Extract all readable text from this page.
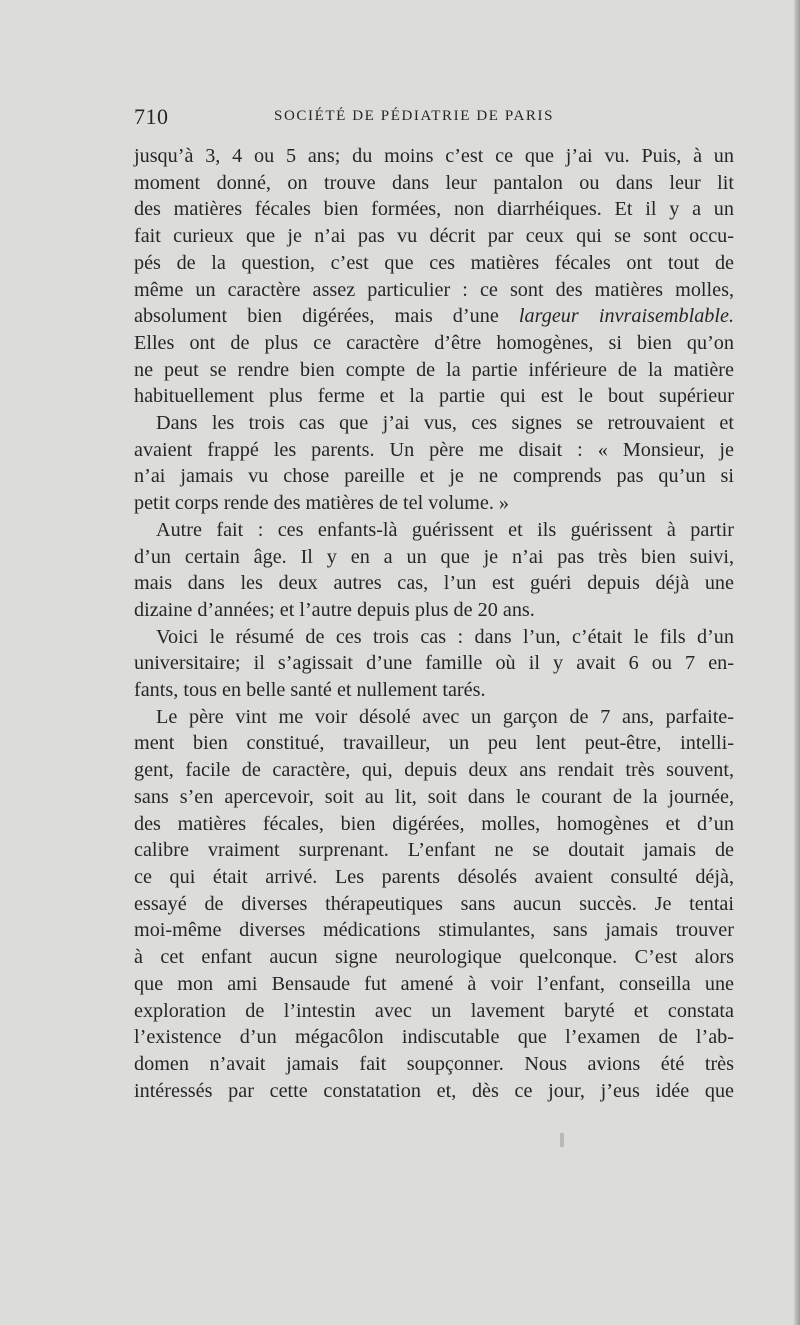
710	SOCIÉTÉ DE PÉDIATRIE DE PARIS
jusqu’à 3, 4 ou 5 ans; du moins c’est ce que j’ai vu. Puis, à un
moment donné, on trouve dans leur pantalon ou dans leur lit
des matières fécales bien formées, non diarrhéiques. Et il y a un
fait curieux que je n’ai pas vu décrit par ceux qui se sont occu-
pés de la question, c’est que ces matières fécales ont tout de
même un caractère assez particulier : ce sont des matières molles,
absolument bien digérées, mais d’une largeur invraisemblable.
Elles ont de plus ce caractère d’être homogènes, si bien qu’on
ne peut se rendre bien compte de la partie inférieure de la matière
habituellement plus ferme et la partie qui est le bout supérieur
Dans les trois cas que j’ai vus, ces signes se retrouvaient et
avaient frappé les parents. Un père me disait : « Monsieur, je
n’ai jamais vu chose pareille et je ne comprends pas qu’un si
petit corps rende des matières de tel volume. »
Autre fait : ces enfants-là guérissent et ils guérissent à partir
d’un certain âge. Il y en a un que je n’ai pas très bien suivi,
mais dans les deux autres cas, l’un est guéri depuis déjà une
dizaine d’années; et l’autre depuis plus de 20 ans.
Voici le résumé de ces trois cas : dans l’un, c’était le fils d’un
universitaire; il s’agissait d’une famille où il y avait 6 ou 7 en-
fants, tous en belle santé et nullement tarés.
Le père vint me voir désolé avec un garçon de 7 ans, parfaite-
ment bien constitué, travailleur, un peu lent peut-être, intelli-
gent, facile de caractère, qui, depuis deux ans rendait très souvent,
sans s’en apercevoir, soit au lit, soit dans le courant de la journée,
des matières fécales, bien digérées, molles, homogènes et d’un
calibre vraiment surprenant. L’enfant ne se doutait jamais de
ce qui était arrivé. Les parents désolés avaient consulté déjà,
essayé de diverses thérapeutiques sans aucun succès. Je tentai
moi-même diverses médications stimulantes, sans jamais trouver
à cet enfant aucun signe neurologique quelconque. C’est alors
que mon ami Bensaude fut amené à voir l’enfant, conseilla une
exploration de l’intestin avec un lavement baryté et constata
l’existence d’un mégacôlon indiscutable que l’examen de l’ab-
domen n’avait jamais fait soupçonner. Nous avions été très
intéressés par cette constatation et, dès ce jour, j’eus idée que
